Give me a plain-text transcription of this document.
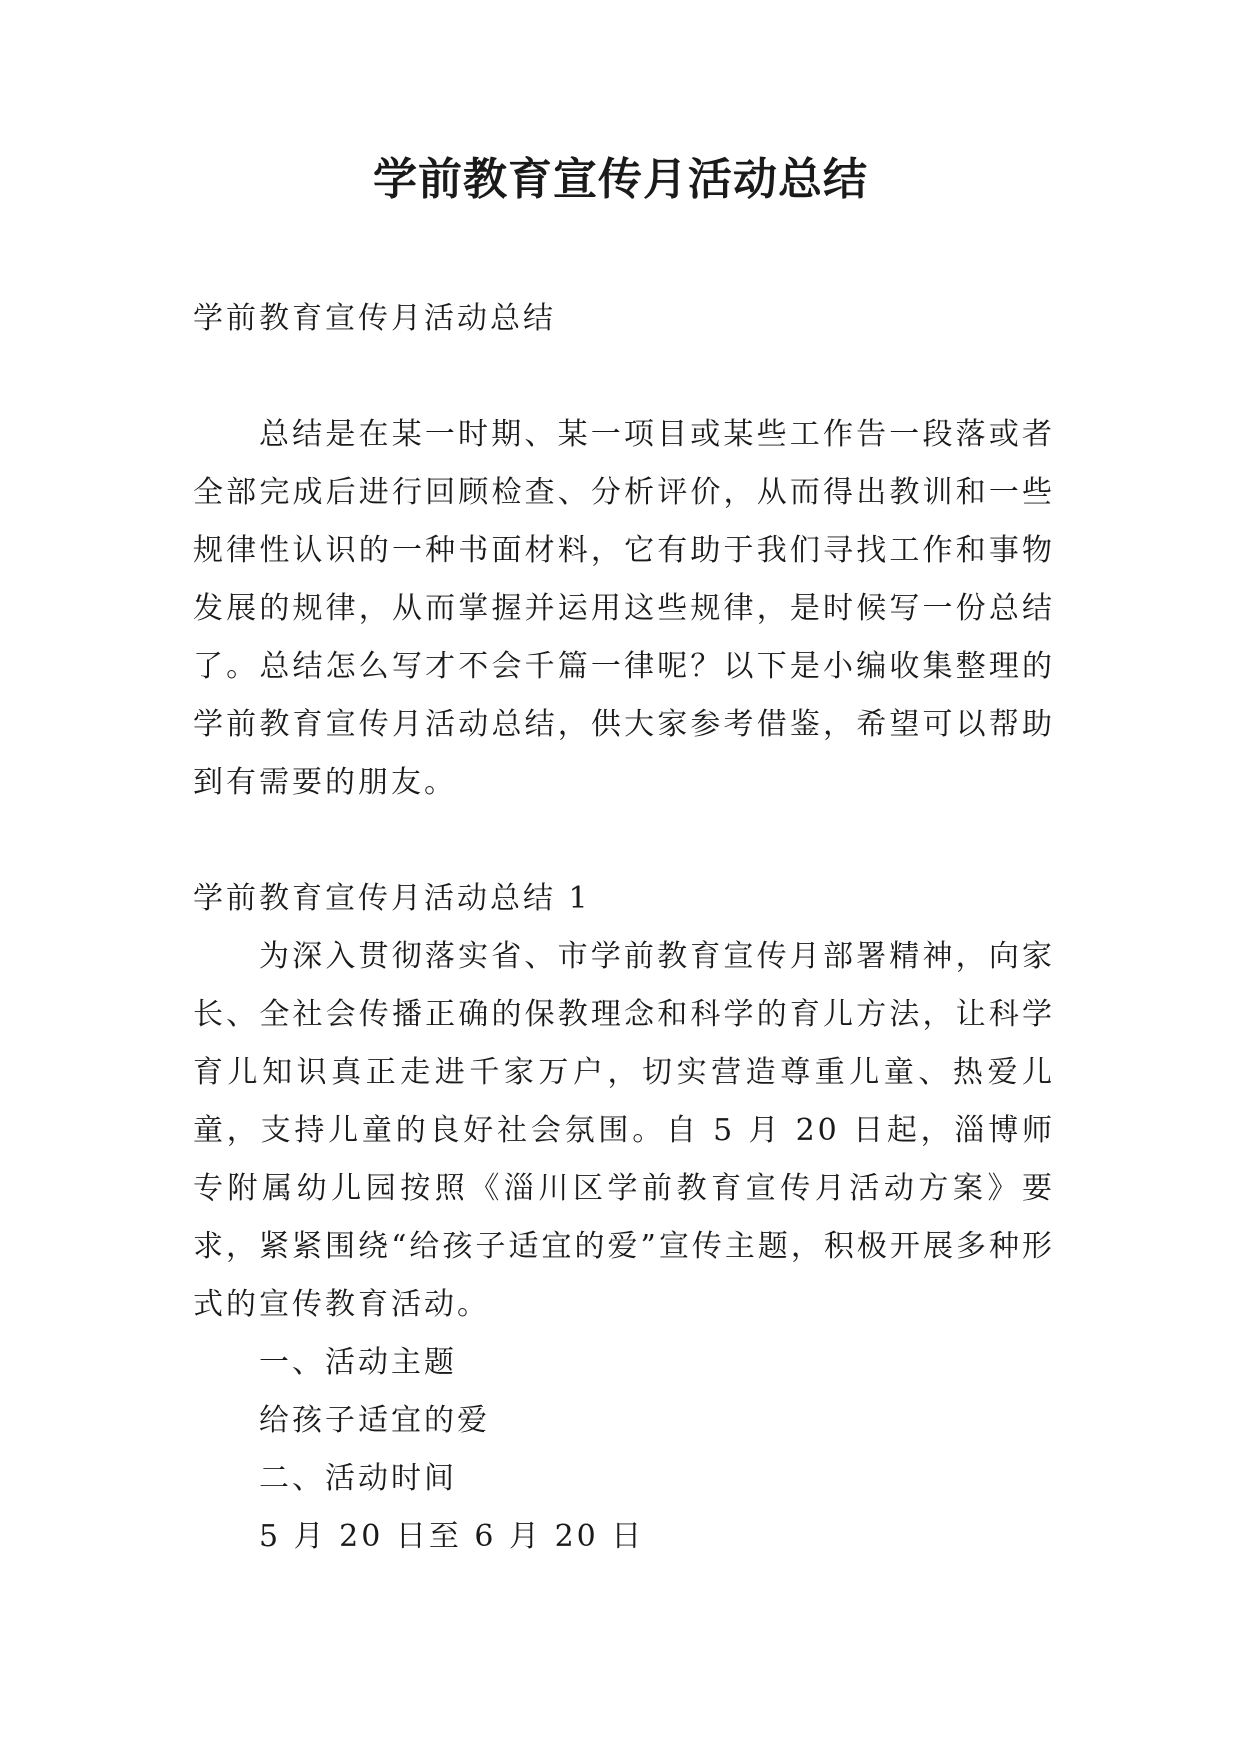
学前教育宣传月活动总结

学前教育宣传月活动总结

总结是在某一时期、某一项目或某些工作告一段落或者全部完成后进行回顾检查、分析评价，从而得出教训和一些规律性认识的一种书面材料，它有助于我们寻找工作和事物发展的规律，从而掌握并运用这些规律，是时候写一份总结了。总结怎么写才不会千篇一律呢？以下是小编收集整理的学前教育宣传月活动总结，供大家参考借鉴，希望可以帮助到有需要的朋友。

学前教育宣传月活动总结 1

为深入贯彻落实省、市学前教育宣传月部署精神，向家长、全社会传播正确的保教理念和科学的育儿方法，让科学育儿知识真正走进千家万户，切实营造尊重儿童、热爱儿童，支持儿童的良好社会氛围。自 5 月 20 日起，淄博师专附属幼儿园按照《淄川区学前教育宣传月活动方案》要求，紧紧围绕“给孩子适宜的爱”宣传主题，积极开展多种形式的宣传教育活动。

一、活动主题

给孩子适宜的爱

二、活动时间

5 月 20 日至 6 月 20 日
